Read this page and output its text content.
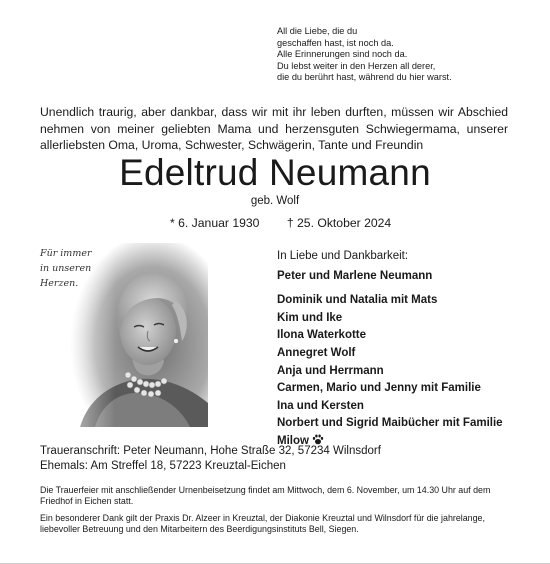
All die Liebe, die du
geschaffen hast, ist noch da.
Alle Erinnerungen sind noch da.
Du lebst weiter in den Herzen all derer,
die du berührt hast, während du hier warst.
Unendlich traurig, aber dankbar, dass wir mit ihr leben durften, müssen wir Abschied nehmen von meiner geliebten Mama und herzensguten Schwiegermama, unserer allerliebsten Oma, Uroma, Schwester, Schwägerin, Tante und Freundin
Edeltrud Neumann
geb. Wolf
* 6. Januar 1930 † 25. Oktober 2024
Für immer
in unseren
Herzen.
In Liebe und Dankbarkeit:
Peter und Marlene Neumann
Dominik und Natalia mit Mats
Kim und Ike
Ilona Waterkotte
Annegret Wolf
Anja und Herrmann
Carmen, Mario und Jenny mit Familie
Ina und Kersten
Norbert und Sigrid Maibücher mit Familie
Milow
Traueranschrift: Peter Neumann, Hohe Straße 32, 57234 Wilnsdorf
Ehemals: Am Streffel 18, 57223 Kreuztal-Eichen

Die Trauerfeier mit anschließender Urnenbeisetzung findet am Mittwoch, dem 6. November, um 14.30 Uhr auf dem Friedhof in Eichen statt.

Ein besonderer Dank gilt der Praxis Dr. Alzeer in Kreuztal, der Diakonie Kreuztal und Wilnsdorf für die jahrelange, liebevoller Betreuung und den Mitarbeitern des Beerdigungsinstituts Bell, Siegen.
